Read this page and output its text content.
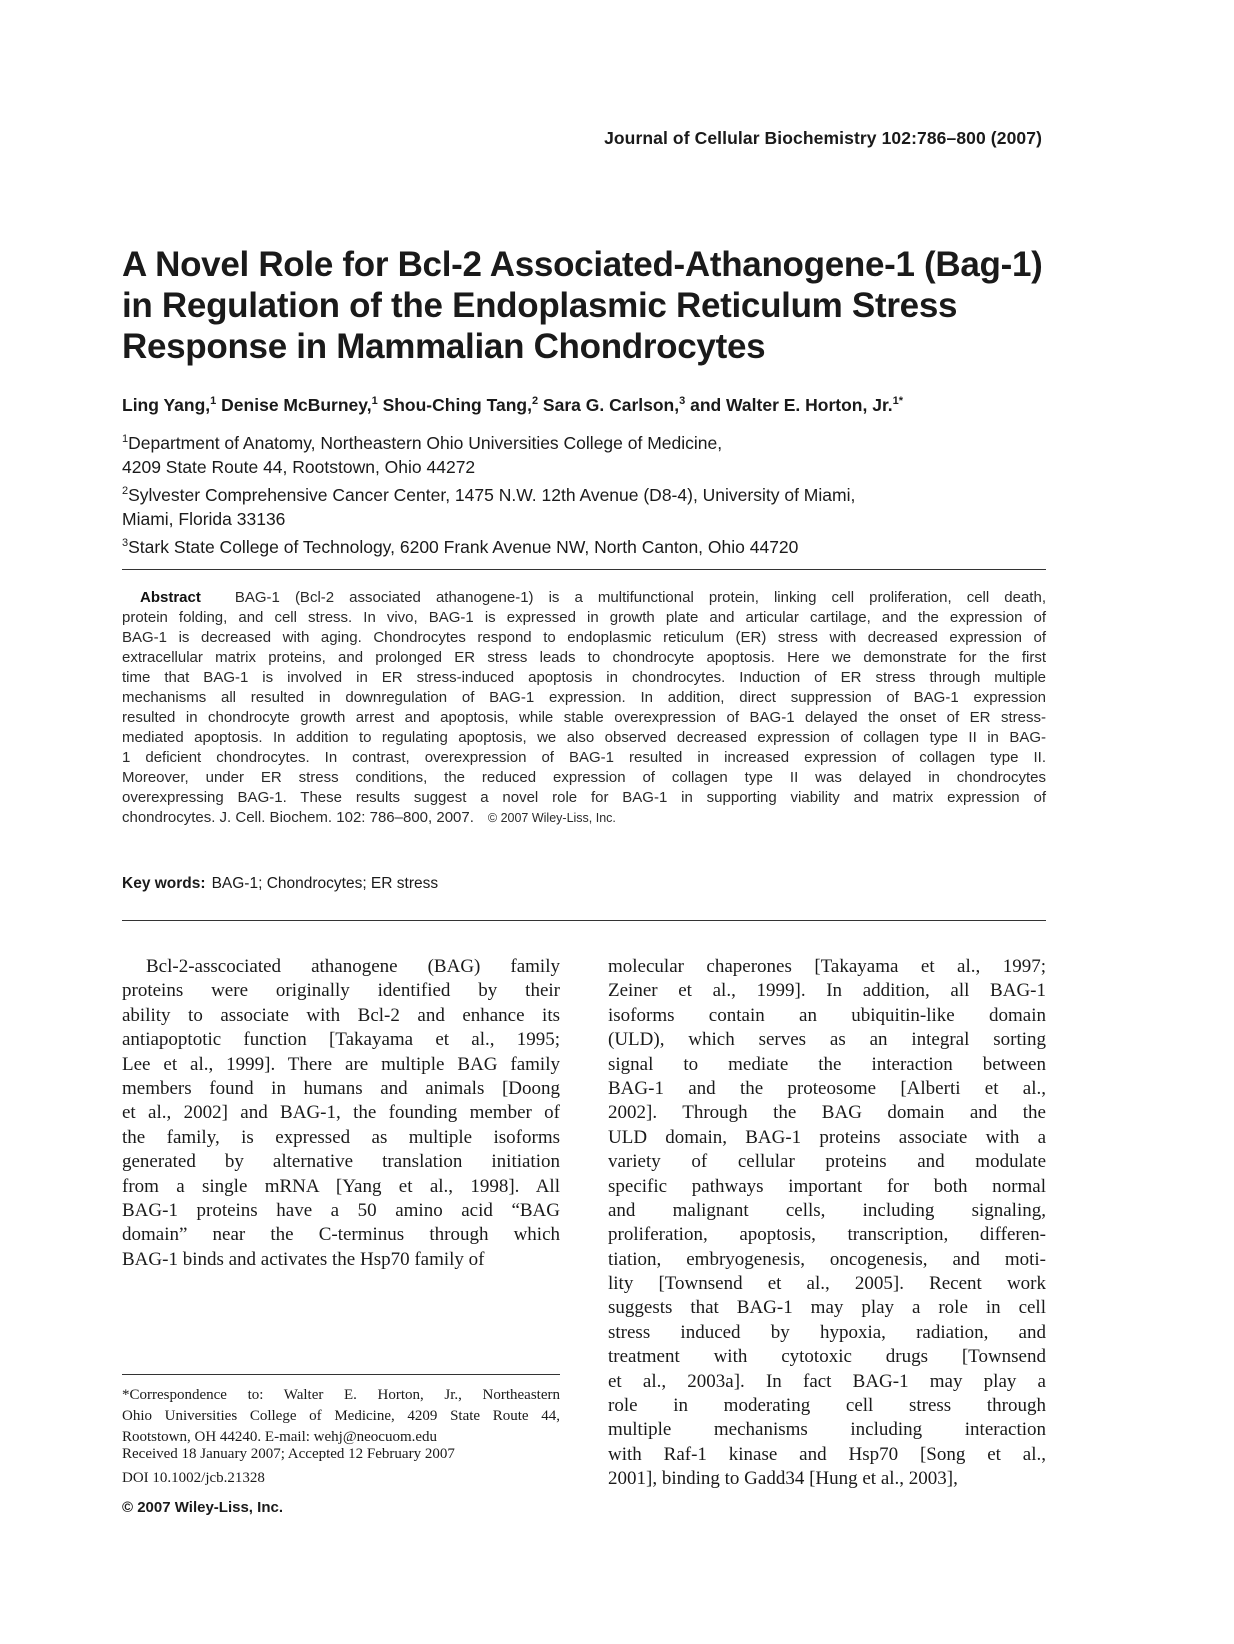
Journal of Cellular Biochemistry 102:786–800 (2007)
A Novel Role for Bcl-2 Associated-Athanogene-1 (Bag-1)
in Regulation of the Endoplasmic Reticulum Stress
Response in Mammalian Chondrocytes
Ling Yang,$^1$ Denise McBurney,$^1$ Shou-Ching Tang,$^2$ Sara G. Carlson,$^3$ and Walter E. Horton, Jr.$^{1*}$
$^1$Department of Anatomy, Northeastern Ohio Universities College of Medicine,
4209 State Route 44, Rootstown, Ohio 44272
$^2$Sylvester Comprehensive Cancer Center, 1475 N.W. 12th Avenue (D8-4), University of Miami,
Miami, Florida 33136
$^3$Stark State College of Technology, 6200 Frank Avenue NW, North Canton, Ohio 44720
Abstract BAG-1 (Bcl-2 associated athanogene-1) is a multifunctional protein, linking cell proliferation, cell death,
protein folding, and cell stress. In vivo, BAG-1 is expressed in growth plate and articular cartilage, and the expression of
BAG-1 is decreased with aging. Chondrocytes respond to endoplasmic reticulum (ER) stress with decreased expression of
extracellular matrix proteins, and prolonged ER stress leads to chondrocyte apoptosis. Here we demonstrate for the first
time that BAG-1 is involved in ER stress-induced apoptosis in chondrocytes. Induction of ER stress through multiple
mechanisms all resulted in downregulation of BAG-1 expression. In addition, direct suppression of BAG-1 expression
resulted in chondrocyte growth arrest and apoptosis, while stable overexpression of BAG-1 delayed the onset of ER stress-
mediated apoptosis. In addition to regulating apoptosis, we also observed decreased expression of collagen type II in BAG-
1 deficient chondrocytes. In contrast, overexpression of BAG-1 resulted in increased expression of collagen type II.
Moreover, under ER stress conditions, the reduced expression of collagen type II was delayed in chondrocytes
overexpressing BAG-1. These results suggest a novel role for BAG-1 in supporting viability and matrix expression of
chondrocytes. J. Cell. Biochem. 102: 786–800, 2007. © 2007 Wiley-Liss, Inc.
Key words: BAG-1; Chondrocytes; ER stress
Bcl-2-asscociated athanogene (BAG) family
proteins were originally identified by their
ability to associate with Bcl-2 and enhance its
antiapoptotic function [Takayama et al., 1995;
Lee et al., 1999]. There are multiple BAG family
members found in humans and animals [Doong
et al., 2002] and BAG-1, the founding member of
the family, is expressed as multiple isoforms
generated by alternative translation initiation
from a single mRNA [Yang et al., 1998]. All
BAG-1 proteins have a 50 amino acid “BAG
domain” near the C-terminus through which
BAG-1 binds and activates the Hsp70 family of
molecular chaperones [Takayama et al., 1997;
Zeiner et al., 1999]. In addition, all BAG-1
isoforms contain an ubiquitin-like domain
(ULD), which serves as an integral sorting
signal to mediate the interaction between
BAG-1 and the proteosome [Alberti et al.,
2002]. Through the BAG domain and the
ULD domain, BAG-1 proteins associate with a
variety of cellular proteins and modulate
specific pathways important for both normal
and malignant cells, including signaling,
proliferation, apoptosis, transcription, differen-
tiation, embryogenesis, oncogenesis, and moti-
lity [Townsend et al., 2005]. Recent work
suggests that BAG-1 may play a role in cell
stress induced by hypoxia, radiation, and
treatment with cytotoxic drugs [Townsend
et al., 2003a]. In fact BAG-1 may play a
role in moderating cell stress through
multiple mechanisms including interaction
with Raf-1 kinase and Hsp70 [Song et al.,
2001], binding to Gadd34 [Hung et al., 2003],
*Correspondence to: Walter E. Horton, Jr., Northeastern
Ohio Universities College of Medicine, 4209 State Route 44,
Rootstown, OH 44240. E-mail: wehj@neocuom.edu
Received 18 January 2007; Accepted 12 February 2007
DOI 10.1002/jcb.21328
© 2007 Wiley-Liss, Inc.
